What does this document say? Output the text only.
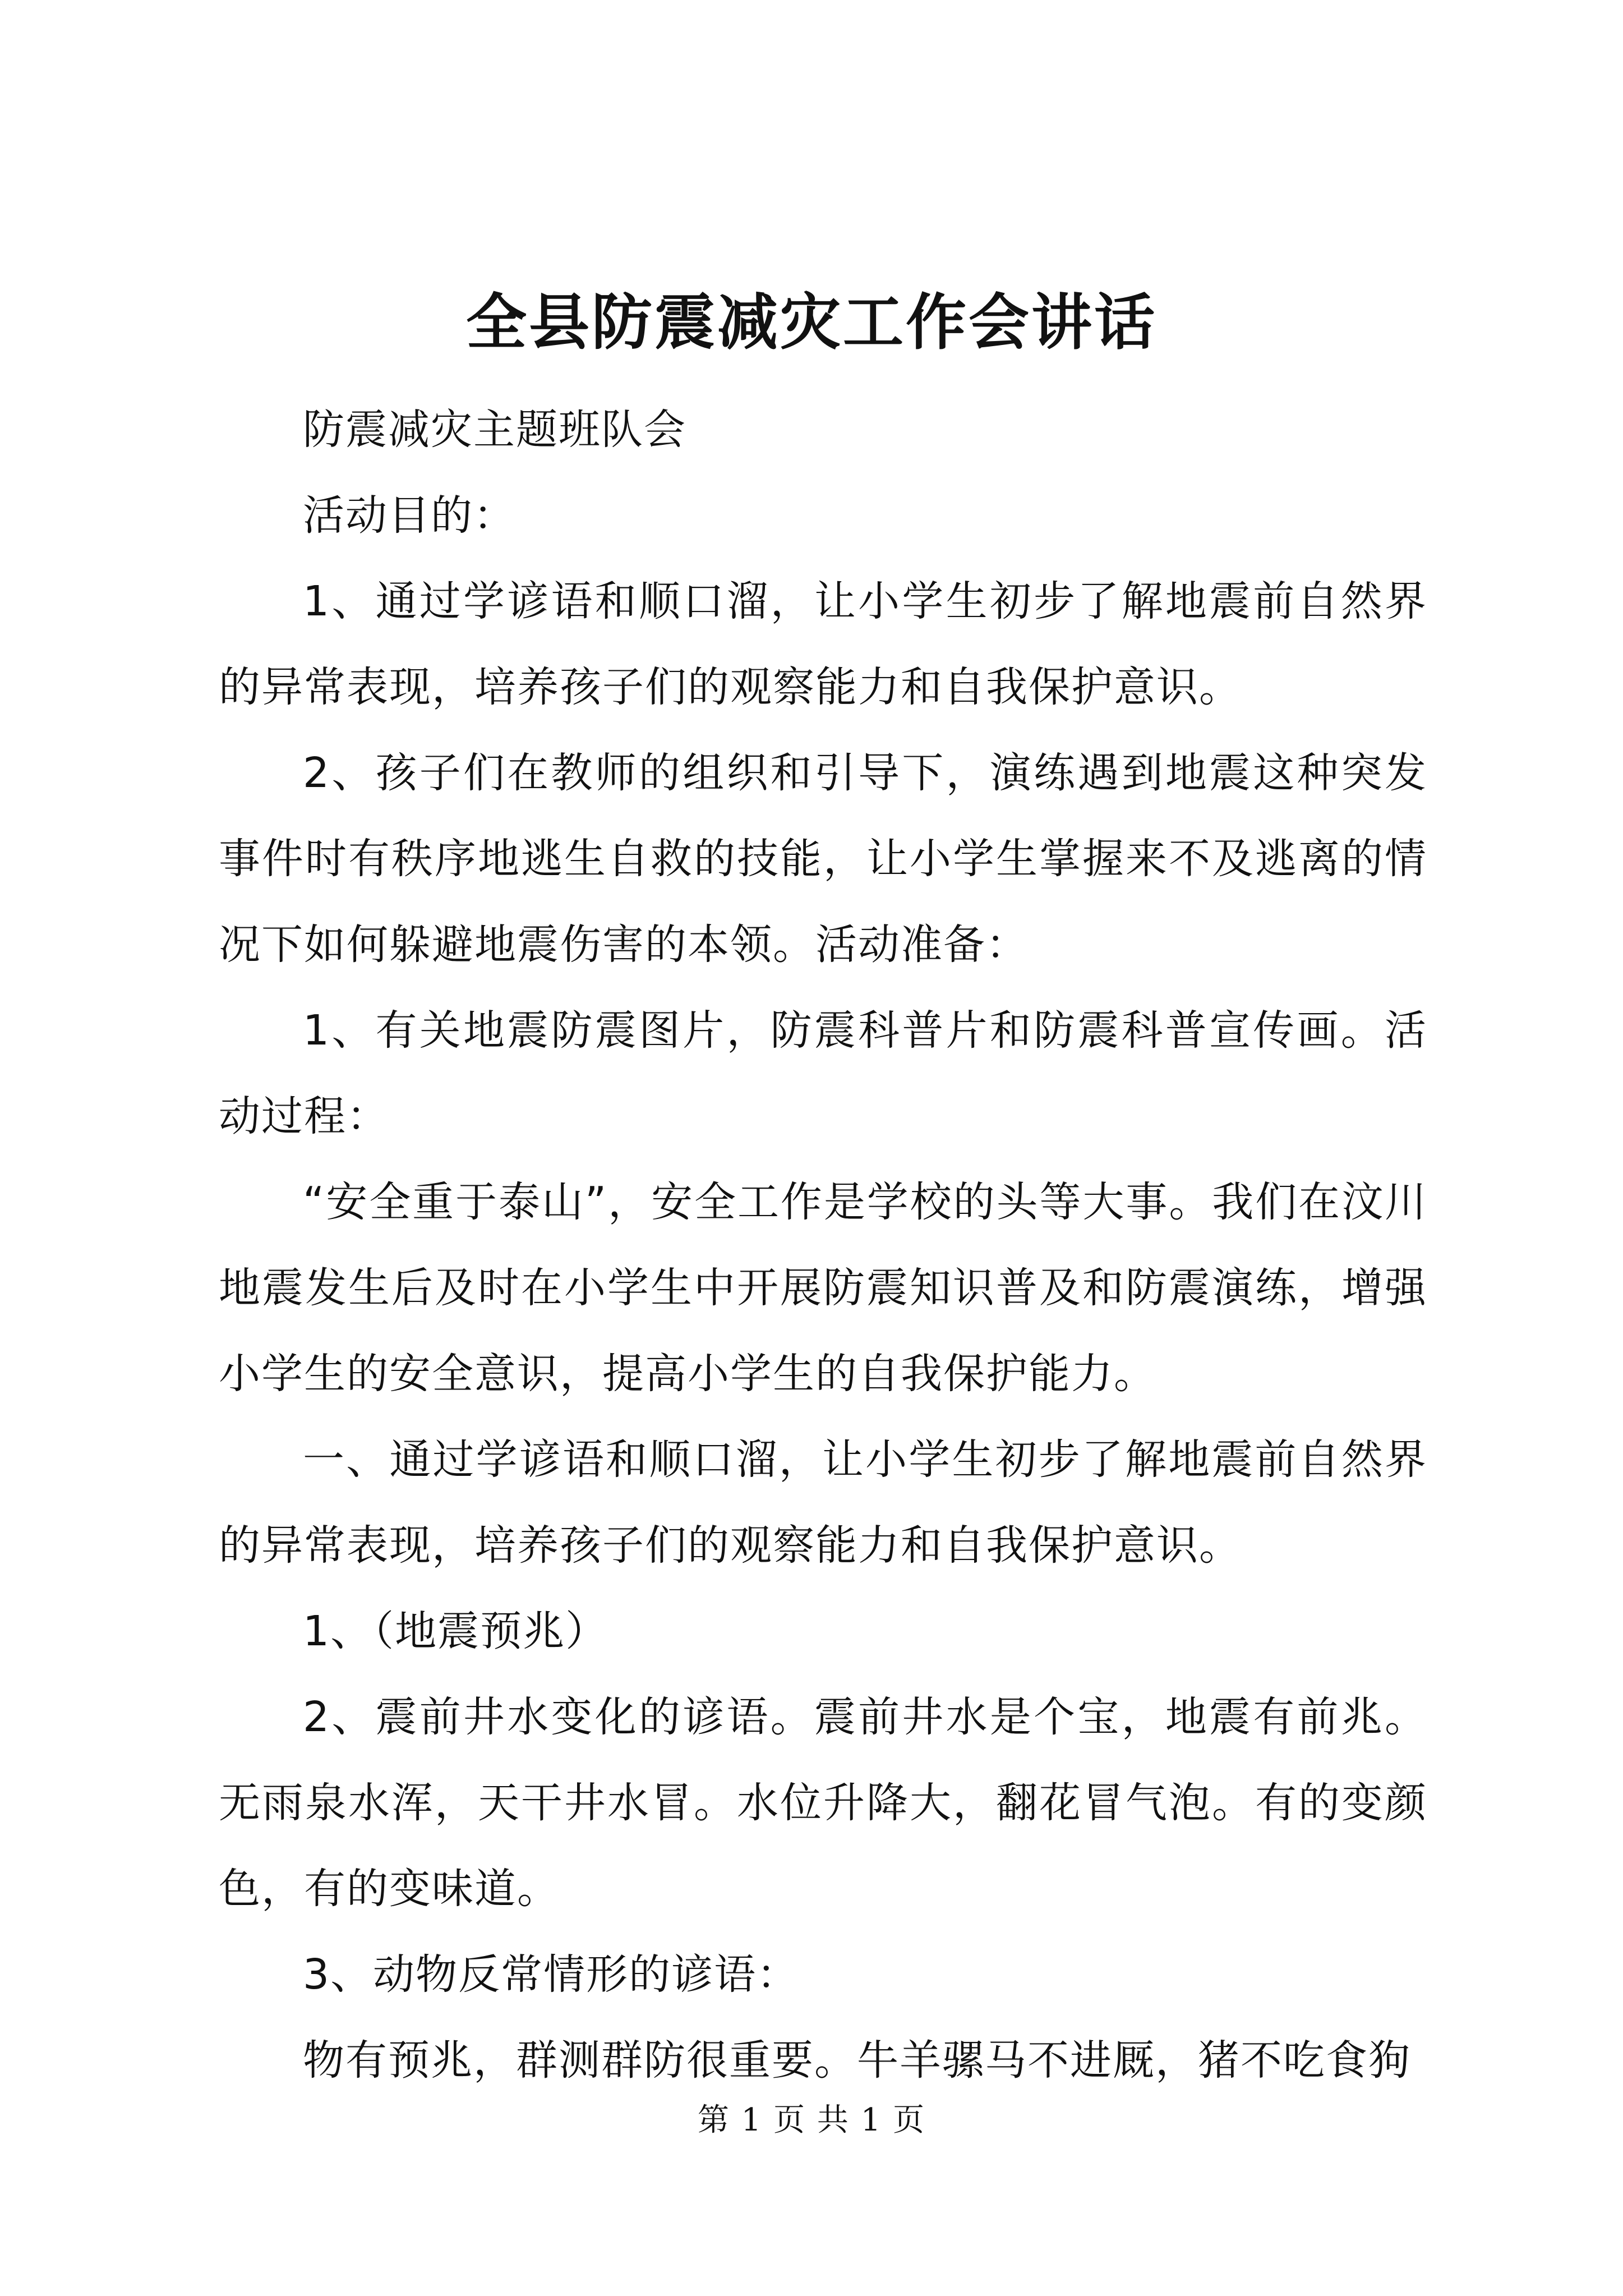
全县防震减灾工作会讲话

防震减灾主题班队会

活动目的：

1、通过学谚语和顺口溜，让小学生初步了解地震前自然界的异常表现，培养孩子们的观察能力和自我保护意识。

2、孩子们在教师的组织和引导下，演练遇到地震这种突发事件时有秩序地逃生自救的技能，让小学生掌握来不及逃离的情况下如何躲避地震伤害的本领。活动准备：

1、有关地震防震图片，防震科普片和防震科普宣传画。活动过程：

“安全重于泰山”，安全工作是学校的头等大事。我们在汶川地震发生后及时在小学生中开展防震知识普及和防震演练，增强小学生的安全意识，提高小学生的自我保护能力。

一、通过学谚语和顺口溜，让小学生初步了解地震前自然界的异常表现，培养孩子们的观察能力和自我保护意识。

1、（地震预兆）

2、震前井水变化的谚语。震前井水是个宝，地震有前兆。无雨泉水浑，天干井水冒。水位升降大，翻花冒气泡。有的变颜色，有的变味道。

3、动物反常情形的谚语：

物有预兆，群测群防很重要。牛羊骡马不进厩，猪不吃食狗

第 1 页 共 1 页
